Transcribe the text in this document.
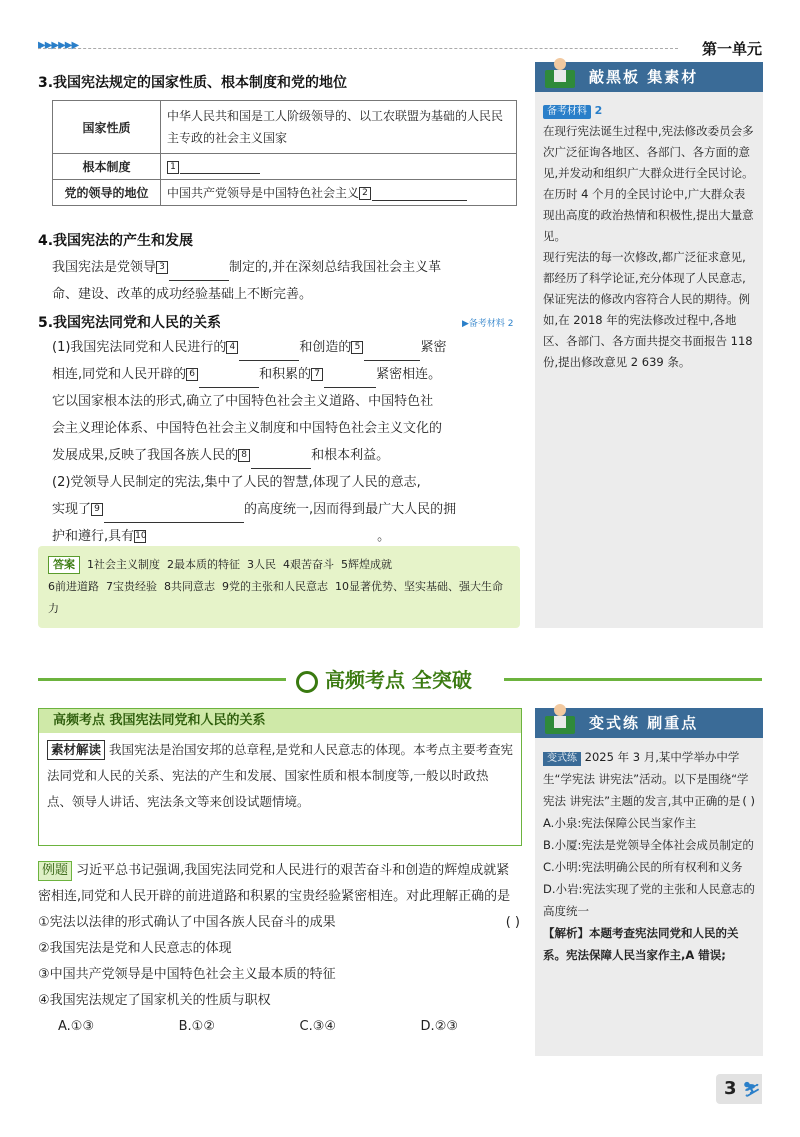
▶▶▶▶▶▶	第一单元
3.我国宪法规定的国家性质、根本制度和党的地位
国家性质	中华人民共和国是工人阶级领导的、以工农联盟为基础的人民民主专政的社会主义国家
根本制度	1
党的领导的地位	中国共产党领导是中国特色社会主义 2
4.我国宪法的产生和发展
我国宪法是党领导 3	制定的,并在深刻总结我国社会主义革
命、建设、改革的成功经验基础上不断完善。
5.我国宪法同党和人民的关系	▶备考材料 2
(1)我国宪法同党和人民进行的 4	和创造的 5	紧密
相连,同党和人民开辟的 6	和积累的 7	紧密相连。
它以国家根本法的形式,确立了中国特色社会主义道路、中国特色社
会主义理论体系、中国特色社会主义制度和中国特色社会主义文化的
发展成果,反映了我国各族人民的 8	和根本利益。
(2)党领导人民制定的宪法,集中了人民的智慧,体现了人民的意志,
实现了 9	的高度统一,因而得到最广大人民的拥
护和遵行,具有10	。
答案 1社会主义制度 2最本质的特征 3人民 4艰苦奋斗 5辉煌成就
6前进道路 7宝贵经验 8共同意志 9党的主张和人民意志 10显著优势、坚实基础、强大生命力
敲黑板 集素材
备考材料 2
在现行宪法诞生过程中,宪法修改委员会多次广泛征询各地区、各部门、各方面的意见,并发动和组织广大群众进行全民讨论。在历时 4 个月的全民讨论中,广大群众表现出高度的政治热情和积极性,提出大量意见。
现行宪法的每一次修改,都广泛征求意见,都经历了科学论证,充分体现了人民意志,保证宪法的修改内容符合人民的期待。例如,在 2018 年的宪法修改过程中,各地区、各部门、各方面共提交书面报告 118 份,提出修改意见 2 639 条。
高频考点 全突破
高频考点 我国宪法同党和人民的关系
素材解读 我国宪法是治国安邦的总章程,是党和人民意志的体现。本考点主要考查宪法同党和人民的关系、宪法的产生和发展、国家性质和根本制度等,一般以时政热点、领导人讲话、宪法条文等来创设试题情境。
例题 习近平总书记强调,我国宪法同党和人民进行的艰苦奋斗和创造的辉煌成就紧密相连,同党和人民开辟的前进道路和积累的宝贵经验紧密相连。对此理解正确的是
( )
①宪法以法律的形式确认了中国各族人民奋斗的成果
②我国宪法是党和人民意志的体现
③中国共产党领导是中国特色社会主义最本质的特征
④我国宪法规定了国家机关的性质与职权
A.①③	B.①②	C.③④	D.②③
变式练 刷重点
变式练 2025 年 3 月,某中学举办中学生“学宪法 讲宪法”活动。以下是围绕“学宪法 讲宪法”主题的发言,其中正确的是 ( )
A.小泉:宪法保障公民当家作主
B.小厦:宪法是党领导全体社会成员制定的
C.小明:宪法明确公民的所有权利和义务
D.小岩:宪法实现了党的主张和人民意志的高度统一
【解析】本题考查宪法同党和人民的关系。宪法保障人民当家作主,A 错误;
3 ⛷
